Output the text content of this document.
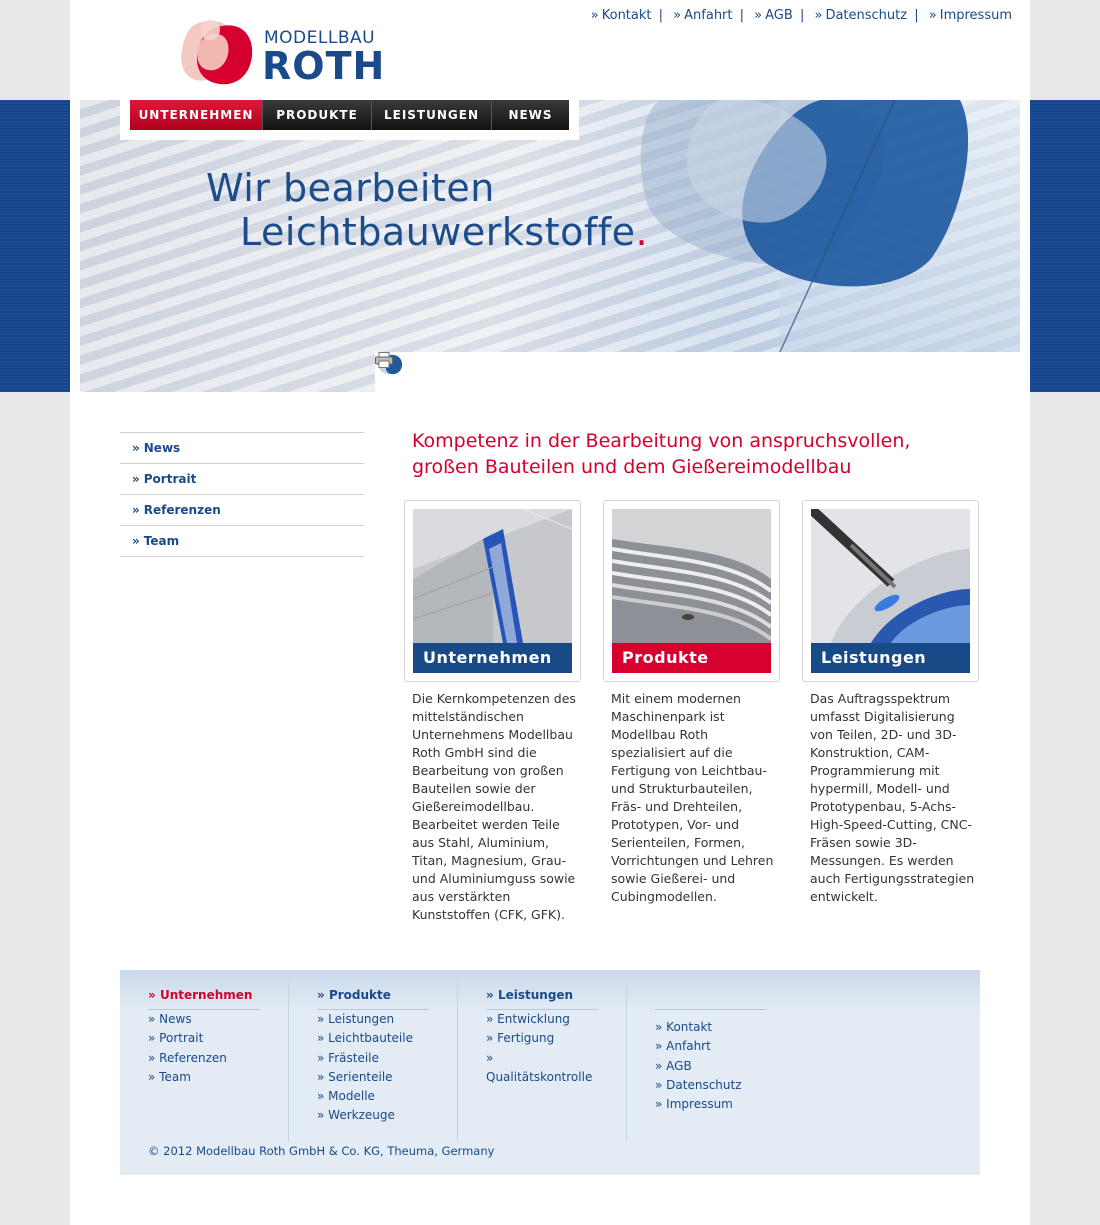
MODELLBAU
ROTH
» Kontakt | » Anfahrt | » AGB | » Datenschutz | » Impressum
UNTERNEHMEN	PRODUKTE	LEISTUNGEN	NEWS
Wir bearbeiten
Leichtbauwerkstoffe.
» News
» Portrait
» Referenzen
» Team
Kompetenz in der Bearbeitung von anspruchsvollen, großen Bauteilen und dem Gießereimodellbau
Unternehmen	Produkte	Leistungen
Die Kernkompetenzen des mittelständischen Unternehmens Modellbau Roth GmbH sind die Bearbeitung von großen Bauteilen sowie der Gießereimodellbau. Bearbeitet werden Teile aus Stahl, Aluminium, Titan, Magnesium, Grau- und Aluminiumguss sowie aus verstärkten Kunststoffen (CFK, GFK).
Mit einem modernen Maschinenpark ist Modellbau Roth spezialisiert auf die Fertigung von Leichtbau- und Strukturbauteilen, Fräs- und Drehteilen, Prototypen, Vor- und Serienteilen, Formen, Vorrichtungen und Lehren sowie Gießerei- und Cubingmodellen.
Das Auftragsspektrum umfasst Digitalisierung von Teilen, 2D- und 3D-Konstruktion, CAM-Programmierung mit hypermill, Modell- und Prototypenbau, 5-Achs-High-Speed-Cutting, CNC-Fräsen sowie 3D-Messungen. Es werden auch Fertigungsstrategien entwickelt.
» Unternehmen
» News
» Portrait
» Referenzen
» Team
» Produkte
» Leistungen
» Leichtbauteile
» Frästeile
» Serienteile
» Modelle
» Werkzeuge
» Leistungen
» Entwicklung
» Fertigung
» Qualitätskontrolle
» Kontakt
» Anfahrt
» AGB
» Datenschutz
» Impressum
© 2012 Modellbau Roth GmbH & Co. KG, Theuma, Germany
